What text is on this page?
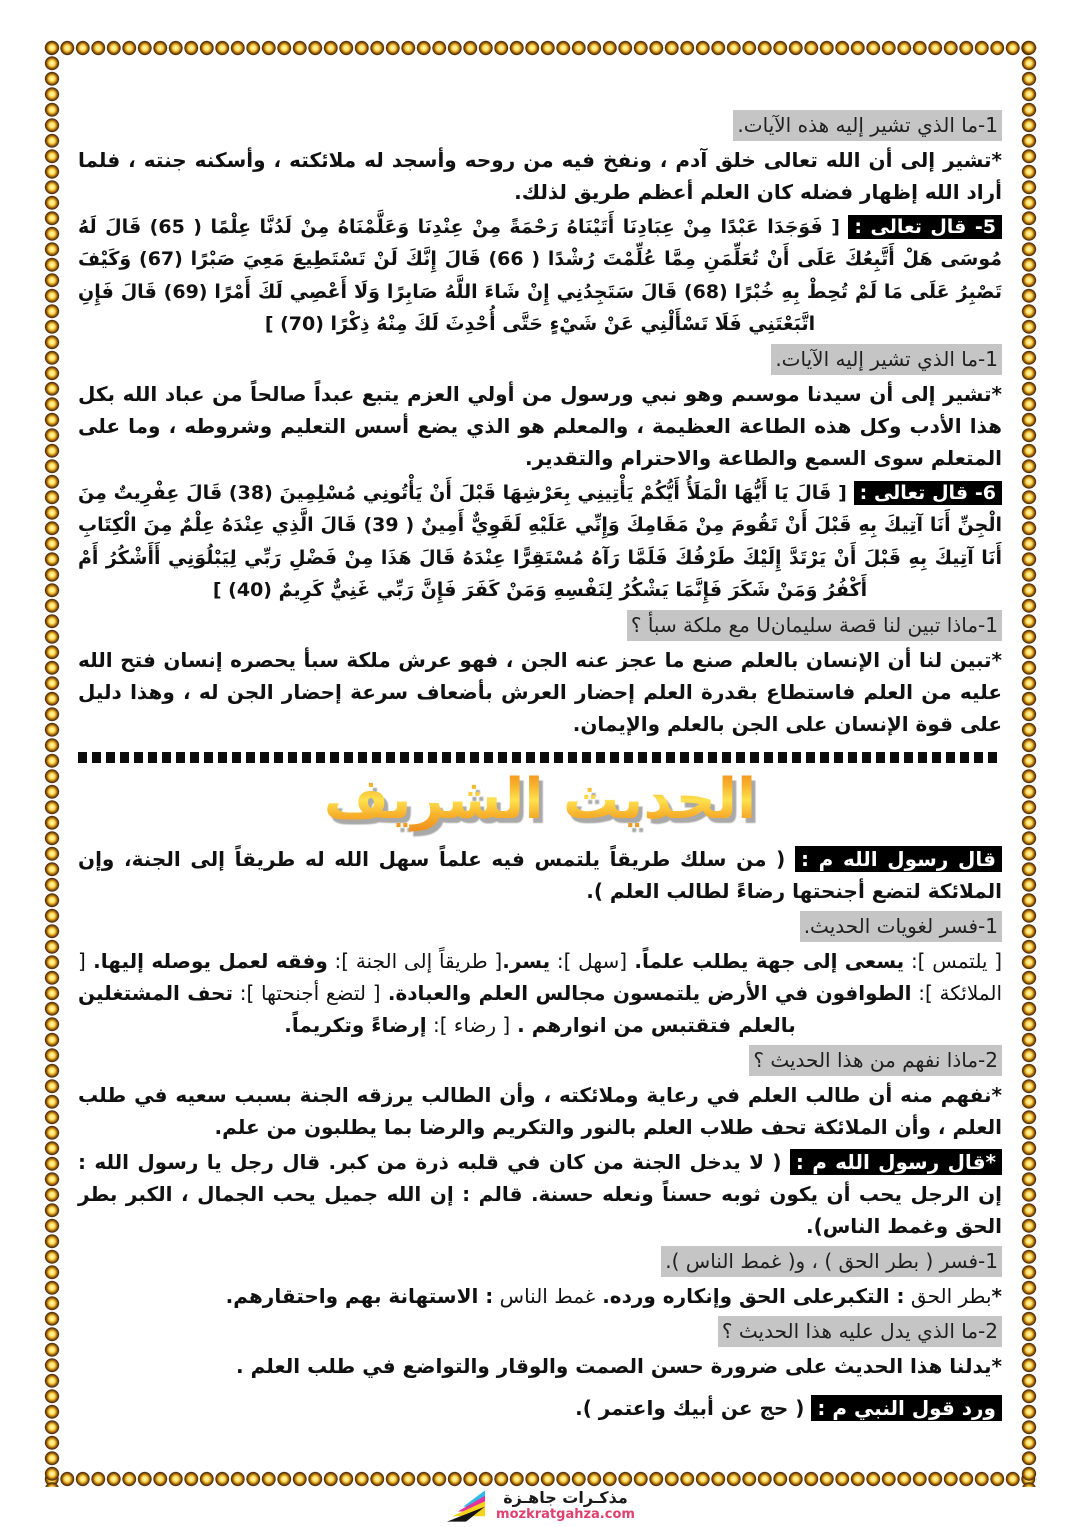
1-ما الذي تشير إليه هذه الآيات.

*تشير إلى أن الله تعالى خلق آدم ، ونفخ فيه من روحه وأسجد له ملائكته ، وأسكنه جنته ، فلما أراد الله إظهار فضله كان العلم أعظم طريق لذلك.

5- قال تعالى : [ فَوَجَدَا عَبْدًا مِنْ عِبَادِنَا أَتَيْنَاهُ رَحْمَةً مِنْ عِنْدِنَا وَعَلَّمْنَاهُ مِنْ لَدُنَّا عِلْمًا ( 65) قَالَ لَهُ مُوسَى هَلْ أَتَّبِعُكَ عَلَى أَنْ تُعَلِّمَنِ مِمَّا عُلِّمْتَ رُشْدًا ( 66) قَالَ إِنَّكَ لَنْ تَسْتَطِيعَ مَعِيَ صَبْرًا (67) وَكَيْفَ تَصْبِرُ عَلَى مَا لَمْ تُحِطْ بِهِ خُبْرًا (68) قَالَ سَتَجِدُنِي إِنْ شَاءَ اللَّهُ صَابِرًا وَلَا أَعْصِي لَكَ أَمْرًا (69) قَالَ فَإِنِ اتَّبَعْتَنِي فَلَا تَسْأَلْنِي عَنْ شَيْءٍ حَتَّى أُحْدِثَ لَكَ مِنْهُ ذِكْرًا (70) ]

1-ما الذي تشير إليه الآيات.

*تشير إلى أن سيدنا موسىم وهو نبي ورسول من أولي العزم يتبع عبداً صالحاً من عباد الله بكل هذا الأدب وكل هذه الطاعة العظيمة ، والمعلم هو الذي يضع أسس التعليم وشروطه ، وما على المتعلم سوى السمع والطاعة والاحترام والتقدير.

6- قال تعالى : [ قَالَ يَا أَيُّهَا الْمَلَأُ أَيُّكُمْ يَأْتِينِي بِعَرْشِهَا قَبْلَ أَنْ يَأْتُونِي مُسْلِمِينَ (38) قَالَ عِفْرِيتٌ مِنَ الْجِنِّ أَنَا آتِيكَ بِهِ قَبْلَ أَنْ تَقُومَ مِنْ مَقَامِكَ وَإِنِّي عَلَيْهِ لَقَوِيٌّ أَمِينٌ ( 39) قَالَ الَّذِي عِنْدَهُ عِلْمٌ مِنَ الْكِتَابِ أَنَا آتِيكَ بِهِ قَبْلَ أَنْ يَرْتَدَّ إِلَيْكَ طَرْفُكَ فَلَمَّا رَآهُ مُسْتَقِرًّا عِنْدَهُ قَالَ هَذَا مِنْ فَضْلِ رَبِّي لِيَبْلُوَنِي أَأَشْكُرُ أَمْ أَكْفُرُ وَمَنْ شَكَرَ فَإِنَّمَا يَشْكُرُ لِنَفْسِهِ وَمَنْ كَفَرَ فَإِنَّ رَبِّي غَنِيٌّ كَرِيمٌ (40) ]

1-ماذا تبين لنا قصة سليمانU مع ملكة سبأ ؟

*تبين لنا أن الإنسان بالعلم صنع ما عجز عنه الجن ، فهو عرش ملكة سبأ يحصره إنسان فتح الله عليه من العلم فاستطاع بقدرة العلم إحضار العرش بأضعاف سرعة إحضار الجن له ، وهذا دليل على قوة الإنسان على الجن بالعلم والإيمان.

الحديث الشريف

قال رسول الله م : ( من سلك طريقاً يلتمس فيه علماً سهل الله له طريقاً إلى الجنة، وإن الملائكة لتضع أجنحتها رضاءً لطالب العلم ).

1-فسر لغويات الحديث.

[ يلتمس ]: يسعى إلى جهة يطلب علماً. [سهل ]: يسر.[ طريقاً إلى الجنة ]: وفقه لعمل يوصله إليها. [ الملائكة ]: الطوافون في الأرض يلتمسون مجالس العلم والعبادة. [ لتضع أجنحتها ]: تحف المشتغلين بالعلم فتقتبس من انوارهم . [ رضاء ]: إرضاءً وتكريماً.

2-ماذا نفهم من هذا الحديث ؟

*نفهم منه أن طالب العلم في رعاية وملائكته ، وأن الطالب يرزقه الجنة بسبب سعيه في طلب العلم ، وأن الملائكة تحف طلاب العلم بالنور والتكريم والرضا بما يطلبون من علم.

*قال رسول الله م : ( لا يدخل الجنة من كان في قلبه ذرة من كبر. قال رجل يا رسول الله : إن الرجل يحب أن يكون ثوبه حسناً ونعله حسنة. قالم : إن الله جميل يحب الجمال ، الكبر بطر الحق وغمط الناس).

1-فسر ( بطر الحق ) ، و( غمط الناس ).

*بطر الحق : التكبرعلى الحق وإنكاره ورده. غمط الناس : الاستهانة بهم واحتقارهم.

2-ما الذي يدل عليه هذا الحديث ؟

*يدلنا هذا الحديث على ضرورة حسن الصمت والوقار والتواضع في طلب العلم .

ورد قول النبي م : ( حج عن أبيك واعتمر ).

مذكـرات جاهـزة
mozkratgahza.com
